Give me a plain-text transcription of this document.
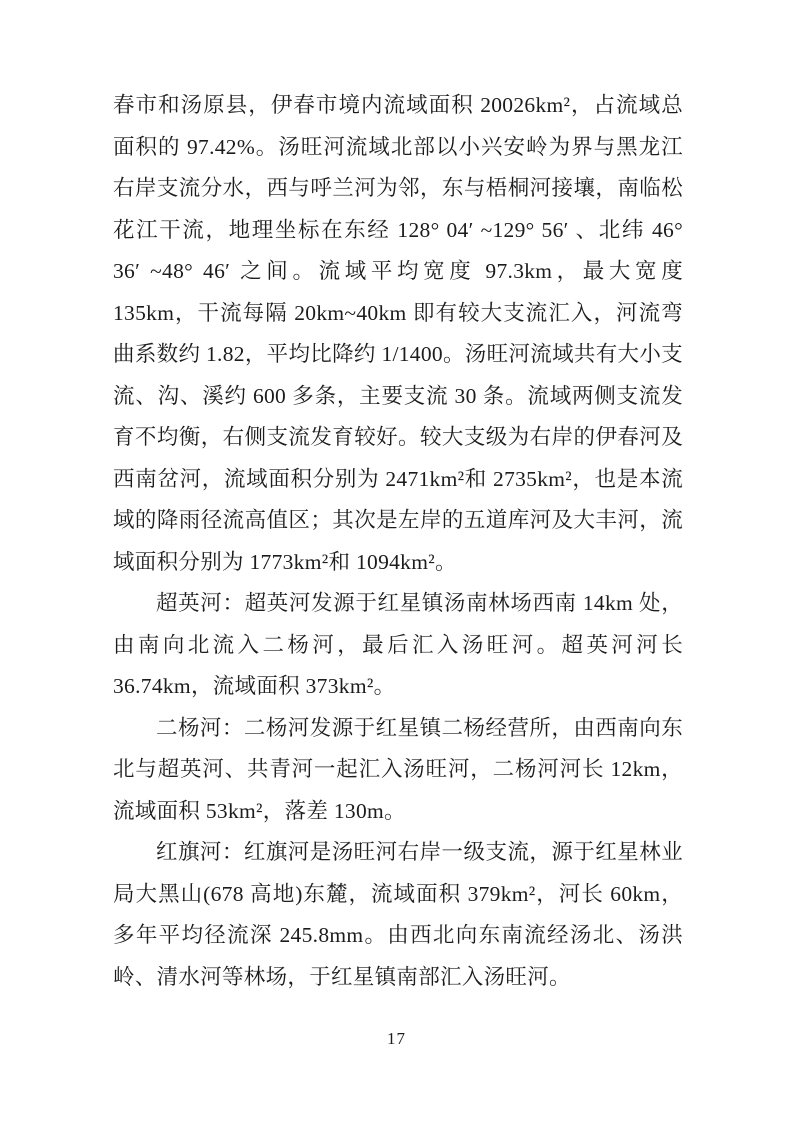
春市和汤原县，伊春市境内流域面积 20026km²，占流域总面积的 97.42%。汤旺河流域北部以小兴安岭为界与黑龙江右岸支流分水，西与呼兰河为邻，东与梧桐河接壤，南临松花江干流，地理坐标在东经 128° 04′ ~129° 56′ 、北纬 46° 36′ ~48° 46′ 之间。流域平均宽度 97.3km，最大宽度 135km，干流每隔 20km~40km 即有较大支流汇入，河流弯曲系数约 1.82，平均比降约 1/1400。汤旺河流域共有大小支流、沟、溪约 600 多条，主要支流 30 条。流域两侧支流发育不均衡，右侧支流发育较好。较大支级为右岸的伊春河及西南岔河，流域面积分别为 2471km²和 2735km²，也是本流域的降雨径流高值区；其次是左岸的五道库河及大丰河，流域面积分别为 1773km²和 1094km²。

超英河：超英河发源于红星镇汤南林场西南 14km 处，由南向北流入二杨河，最后汇入汤旺河。超英河河长 36.74km，流域面积 373km²。

二杨河：二杨河发源于红星镇二杨经营所，由西南向东北与超英河、共青河一起汇入汤旺河，二杨河河长 12km，流域面积 53km²，落差 130m。

红旗河：红旗河是汤旺河右岸一级支流，源于红星林业局大黑山(678 高地)东麓，流域面积 379km²，河长 60km，多年平均径流深 245.8mm。由西北向东南流经汤北、汤洪岭、清水河等林场，于红星镇南部汇入汤旺河。

17
